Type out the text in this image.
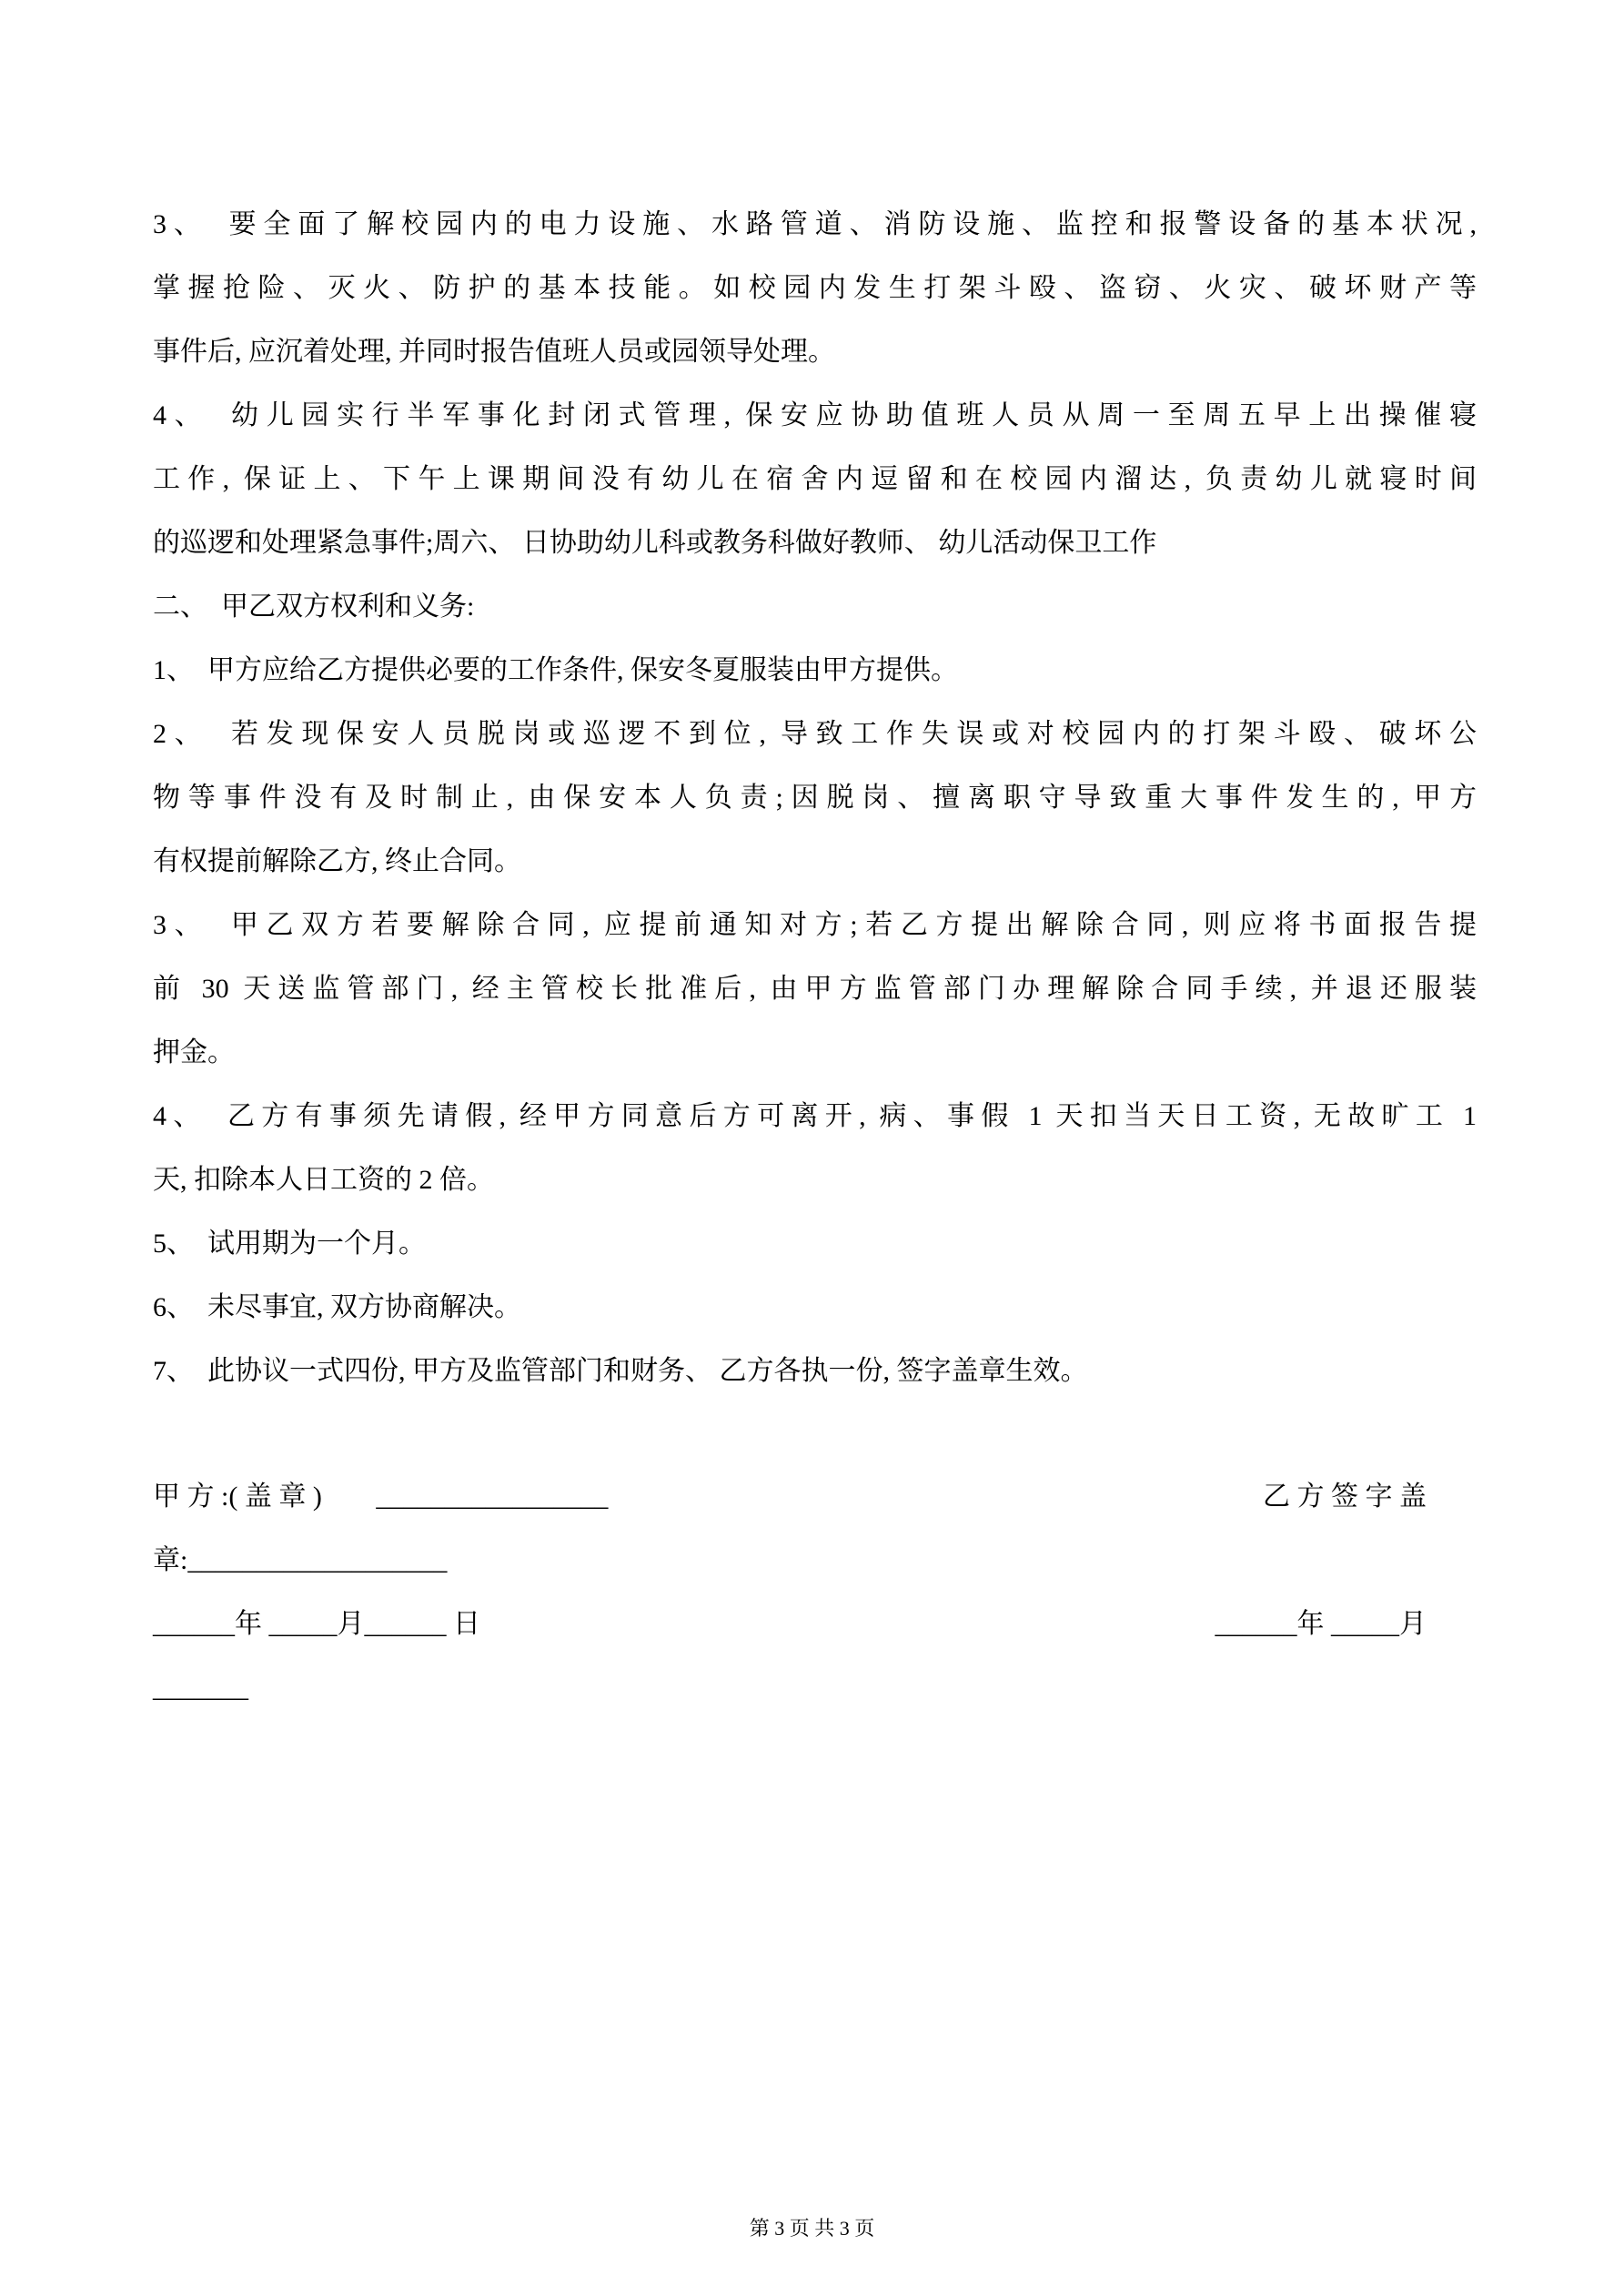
3、　要全面了解校园内的电力设施、水路管道、消防设施、监控和报警设备的基本状况,
掌握抢险、灭火、防护的基本技能。如校园内发生打架斗殴、盗窃、火灾、破坏财产等
事件后, 应沉着处理, 并同时报告值班人员或园领导处理。
4、　幼儿园实行半军事化封闭式管理, 保安应协助值班人员从周一至周五早上出操催寝
工作, 保证上、下午上课期间没有幼儿在宿舍内逗留和在校园内溜达, 负责幼儿就寝时间
的巡逻和处理紧急事件;周六、 日协助幼儿科或教务科做好教师、 幼儿活动保卫工作
二、　甲乙双方权利和义务:
1、　甲方应给乙方提供必要的工作条件, 保安冬夏服装由甲方提供。
2、　若发现保安人员脱岗或巡逻不到位, 导致工作失误或对校园内的打架斗殴、破坏公
物等事件没有及时制止, 由保安本人负责;因脱岗、擅离职守导致重大事件发生的, 甲方
有权提前解除乙方, 终止合同。
3、　甲乙双方若要解除合同, 应提前通知对方;若乙方提出解除合同, 则应将书面报告提
前 30 天送监管部门, 经主管校长批准后, 由甲方监管部门办理解除合同手续, 并退还服装
押金。
4、　乙方有事须先请假, 经甲方同意后方可离开, 病、事假 1 天扣当天日工资, 无故旷工 1
天, 扣除本人日工资的 2 倍。
5、　试用期为一个月。
6、　未尽事宜, 双方协商解决。
7、　此协议一式四份, 甲方及监管部门和财务、 乙方各执一份, 签字盖章生效。
甲 方 :( 盖 章 ) _________________	乙 方 签 字 盖
章:___________________
______年 _____月______ 日	______年 _____月
_______
第 3 页 共 3 页
